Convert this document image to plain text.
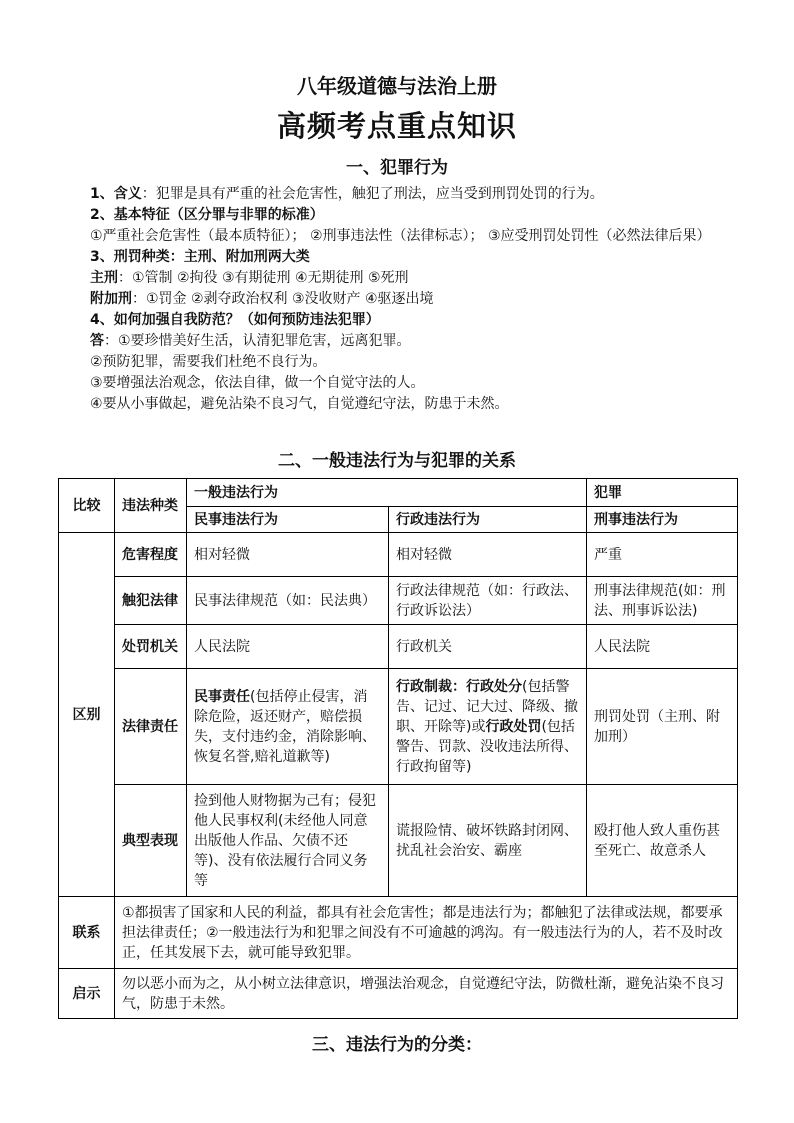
八年级道德与法治上册
高频考点重点知识
一、犯罪行为

1、含义：犯罪是具有严重的社会危害性，触犯了刑法，应当受到刑罚处罚的行为。

2、基本特征（区分罪与非罪的标准）

①严重社会危害性（最本质特征）； ②刑事违法性（法律标志）； ③应受刑罚处罚性（必然法律后果）

3、刑罚种类：主刑、附加刑两大类

主刑：①管制 ②拘役 ③有期徒刑 ④无期徒刑 ⑤死刑

附加刑：①罚金 ②剥夺政治权利 ③没收财产 ④驱逐出境

4、如何加强自我防范？（如何预防违法犯罪）

答：①要珍惜美好生活，认清犯罪危害，远离犯罪。

②预防犯罪，需要我们杜绝不良行为。

③要增强法治观念，依法自律，做一个自觉守法的人。

④要从小事做起，避免沾染不良习气，自觉遵纪守法，防患于未然。

二、一般违法行为与犯罪的关系
比较	违法种类	一般违法行为		犯罪
		民事违法行为	行政违法行为	刑事违法行为
区别	危害程度	相对轻微	相对轻微	严重
	触犯法律	民事法律规范（如：民法典）	行政法律规范（如：行政法、行政诉讼法）	刑事法律规范(如：刑法、刑事诉讼法)
	处罚机关	人民法院	行政机关	人民法院
	法律责任	民事责任(包括停止侵害，消除危险，返还财产，赔偿损失，支付违约金，消除影响、恢复名誉,赔礼道歉等)	行政制裁：行政处分(包括警告、记过、记大过、降级、撤职、开除等)或行政处罚(包括警告、罚款、没收违法所得、行政拘留等)	刑罚处罚（主刑、附加刑）
	典型表现	捡到他人财物据为己有；侵犯他人民事权利(未经他人同意出版他人作品、欠债不还等)、没有依法履行合同义务等	谎报险情、破坏铁路封闭网、扰乱社会治安、霸座	殴打他人致人重伤甚至死亡、故意杀人
联系	①都损害了国家和人民的利益，都具有社会危害性；都是违法行为；都触犯了法律或法规，都要承担法律责任；②一般违法行为和犯罪之间没有不可逾越的鸿沟。有一般违法行为的人，若不及时改正，任其发展下去，就可能导致犯罪。			
启示	勿以恶小而为之，从小树立法律意识，增强法治观念，自觉遵纪守法，防微杜渐，避免沾染不良习气，防患于未然。			
三、违法行为的分类：
